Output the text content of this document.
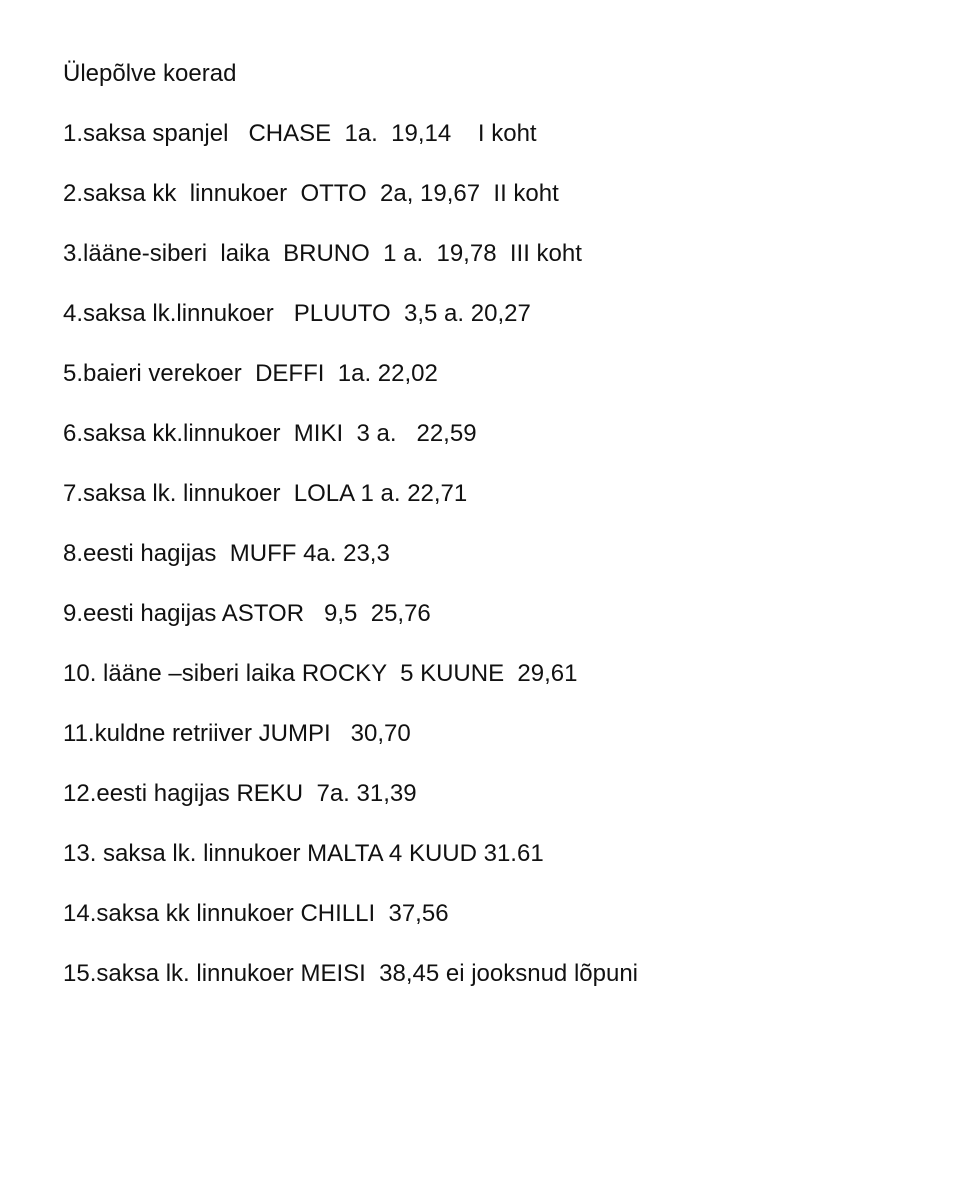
Ülepõlve koerad
1.saksa spanjel   CHASE  1a.  19,14    I koht
2.saksa kk  linnukoer  OTTO  2a, 19,67  II koht
3.lääne-siberi  laika  BRUNO  1 a.  19,78  III koht
4.saksa lk.linnukoer   PLUUTO  3,5 a. 20,27
5.baieri verekoer  DEFFI  1a. 22,02
6.saksa kk.linnukoer  MIKI  3 a.   22,59
7.saksa lk. linnukoer  LOLA 1 a. 22,71
8.eesti hagijas  MUFF 4a. 23,3
9.eesti hagijas ASTOR   9,5  25,76
10. lääne –siberi laika ROCKY  5 KUUNE  29,61
11.kuldne retriiver JUMPI   30,70
12.eesti hagijas REKU  7a. 31,39
13. saksa lk. linnukoer MALTA 4 KUUD 31.61
14.saksa kk linnukoer CHILLI  37,56
15.saksa lk. linnukoer MEISI  38,45 ei jooksnud lõpuni
